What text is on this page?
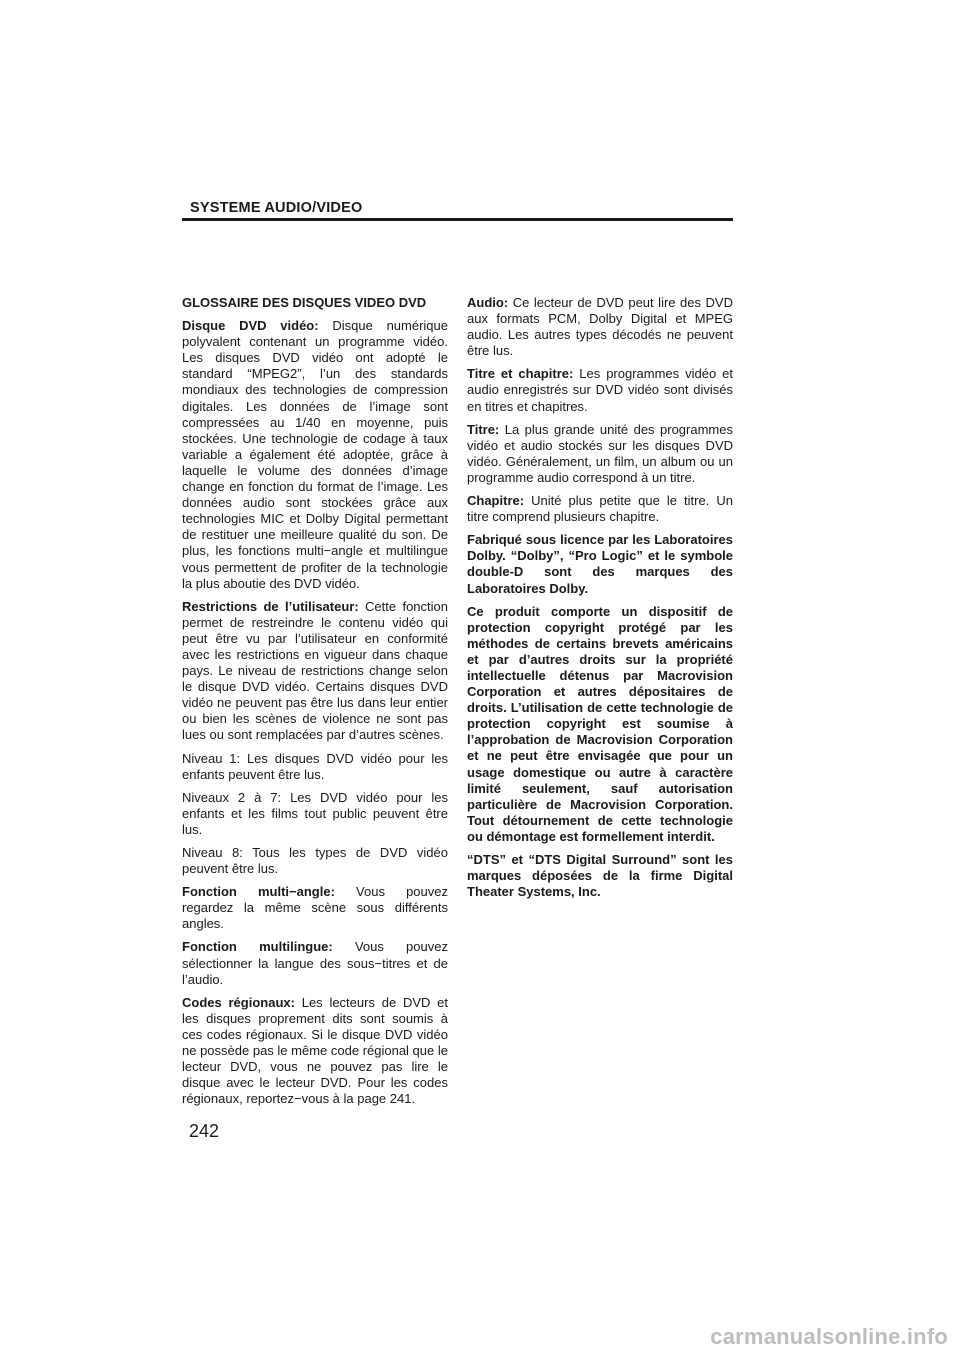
SYSTEME AUDIO/VIDEO
GLOSSAIRE DES DISQUES VIDEO DVD

Disque DVD vidéo: Disque numérique polyvalent contenant un programme vidéo. Les disques DVD vidéo ont adopté le standard “MPEG2”, l’un des standards mondiaux des technologies de compression digitales. Les données de l’image sont compressées au 1/40 en moyenne, puis stockées. Une technologie de codage à taux variable a également été adoptée, grâce à laquelle le volume des données d’image change en fonction du format de l’image. Les données audio sont stockées grâce aux technologies MIC et Dolby Digital permettant de restituer une meilleure qualité du son. De plus, les fonctions multi−angle et multilingue vous permettent de profiter de la technologie la plus aboutie des DVD vidéo.

Restrictions de l’utilisateur: Cette fonction permet de restreindre le contenu vidéo qui peut être vu par l’utilisateur en conformité avec les restrictions en vigueur dans chaque pays. Le niveau de restrictions change selon le disque DVD vidéo. Certains disques DVD vidéo ne peuvent pas être lus dans leur entier ou bien les scènes de violence ne sont pas lues ou sont remplacées par d’autres scènes.

Niveau 1: Les disques DVD vidéo pour les enfants peuvent être lus.

Niveaux 2 à 7: Les DVD vidéo pour les enfants et les films tout public peuvent être lus.

Niveau 8: Tous les types de DVD vidéo peuvent être lus.

Fonction multi−angle: Vous pouvez regardez la même scène sous différents angles.

Fonction multilingue: Vous pouvez sélectionner la langue des sous−titres et de l’audio.

Codes régionaux: Les lecteurs de DVD et les disques proprement dits sont soumis à ces codes régionaux. Si le disque DVD vidéo ne possède pas le même code régional que le lecteur DVD, vous ne pouvez pas lire le disque avec le lecteur DVD. Pour les codes régionaux, reportez−vous à la page 241.

Audio: Ce lecteur de DVD peut lire des DVD aux formats PCM, Dolby Digital et MPEG audio. Les autres types décodés ne peuvent être lus.

Titre et chapitre: Les programmes vidéo et audio enregistrés sur DVD vidéo sont divisés en titres et chapitres.

Titre: La plus grande unité des programmes vidéo et audio stockés sur les disques DVD vidéo. Généralement, un film, un album ou un programme audio correspond à un titre.

Chapitre: Unité plus petite que le titre. Un titre comprend plusieurs chapitre.

Fabriqué sous licence par les Laboratoires Dolby. “Dolby”, “Pro Logic” et le symbole double-D sont des marques des Laboratoires Dolby.

Ce produit comporte un dispositif de protection copyright protégé par les méthodes de certains brevets américains et par d’autres droits sur la propriété intellectuelle détenus par Macrovision Corporation et autres dépositaires de droits. L’utilisation de cette technologie de protection copyright est soumise à l’approbation de Macrovision Corporation et ne peut être envisagée que pour un usage domestique ou autre à caractère limité seulement, sauf autorisation particulière de Macrovision Corporation. Tout détournement de cette technologie ou démontage est formellement interdit.

“DTS” et “DTS Digital Surround” sont les marques déposées de la firme Digital Theater Systems, Inc.

242
carmanualsonline.info
